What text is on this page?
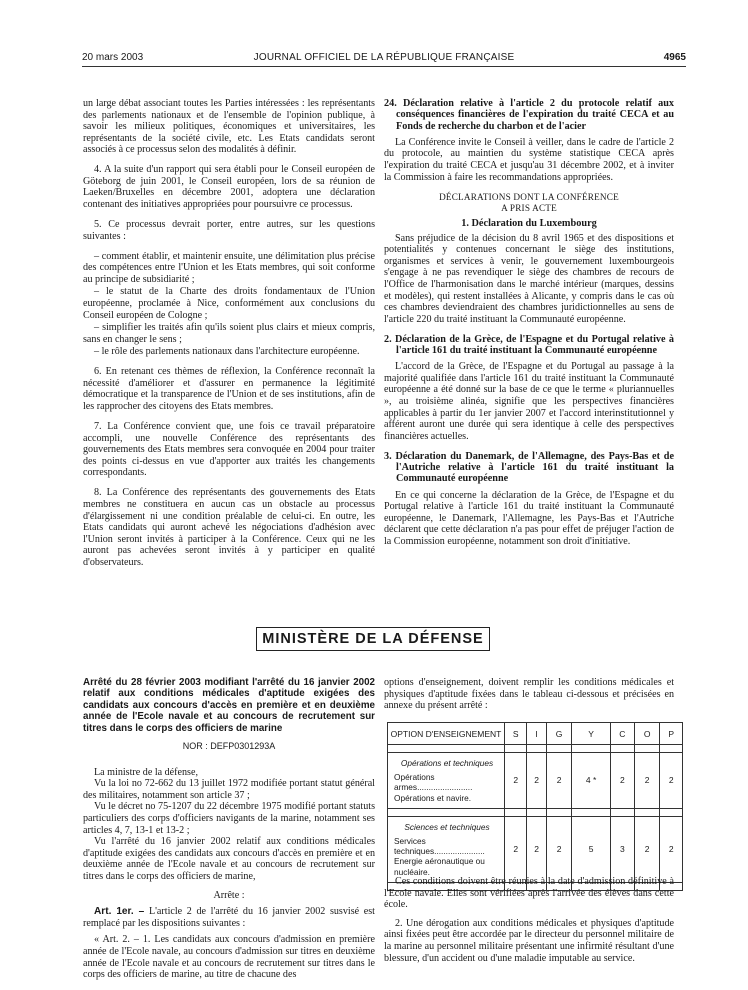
20 mars 2003	JOURNAL OFFICIEL DE LA RÉPUBLIQUE FRANÇAISE	4965

un large débat associant toutes les Parties intéressées : les représentants des parlements nationaux et de l'ensemble de l'opinion publique, à savoir les milieux politiques, économiques et universitaires, les représentants de la société civile, etc. Les Etats candidats seront associés à ce processus selon des modalités à définir.

4. A la suite d'un rapport qui sera établi pour le Conseil européen de Göteborg de juin 2001, le Conseil européen, lors de sa réunion de Laeken/Bruxelles en décembre 2001, adoptera une déclaration contenant des initiatives appropriées pour poursuivre ce processus.

5. Ce processus devrait porter, entre autres, sur les questions suivantes :

– comment établir, et maintenir ensuite, une délimitation plus précise des compétences entre l'Union et les Etats membres, qui soit conforme au principe de subsidiarité ;

– le statut de la Charte des droits fondamentaux de l'Union européenne, proclamée à Nice, conformément aux conclusions du Conseil européen de Cologne ;

– simplifier les traités afin qu'ils soient plus clairs et mieux compris, sans en changer le sens ;

– le rôle des parlements nationaux dans l'architecture européenne.

6. En retenant ces thèmes de réflexion, la Conférence reconnaît la nécessité d'améliorer et d'assurer en permanence la légitimité démocratique et la transparence de l'Union et de ses institutions, afin de les rapprocher des citoyens des Etats membres.

7. La Conférence convient que, une fois ce travail préparatoire accompli, une nouvelle Conférence des représentants des gouvernements des Etats membres sera convoquée en 2004 pour traiter des points ci-dessus en vue d'apporter aux traités les changements correspondants.

8. La Conférence des représentants des gouvernements des Etats membres ne constituera en aucun cas un obstacle au processus d'élargissement ni une condition préalable de celui-ci. En outre, les Etats candidats qui auront achevé les négociations d'adhésion avec l'Union seront invités à participer à la Conférence. Ceux qui ne les auront pas achevées seront invités à y participer en qualité d'observateurs.

24. Déclaration relative à l'article 2 du protocole relatif aux conséquences financières de l'expiration du traité CECA et au Fonds de recherche du charbon et de l'acier

La Conférence invite le Conseil à veiller, dans le cadre de l'article 2 du protocole, au maintien du système statistique CECA après l'expiration du traité CECA et jusqu'au 31 décembre 2002, et à inviter la Commission à faire les recommandations appropriées.

DÉCLARATIONS DONT LA CONFÉRENCE
A PRIS ACTE
1. Déclaration du Luxembourg

Sans préjudice de la décision du 8 avril 1965 et des dispositions et potentialités y contenues concernant le siège des institutions, organismes et services à venir, le gouvernement luxembourgeois s'engage à ne pas revendiquer le siège des chambres de recours de l'Office de l'harmonisation dans le marché intérieur (marques, dessins et modèles), qui restent installées à Alicante, y compris dans le cas où ces chambres deviendraient des chambres juridictionnelles au sens de l'article 220 du traité instituant la Communauté européenne.

2. Déclaration de la Grèce, de l'Espagne et du Portugal relative à l'article 161 du traité instituant la Communauté européenne

L'accord de la Grèce, de l'Espagne et du Portugal au passage à la majorité qualifiée dans l'article 161 du traité instituant la Communauté européenne a été donné sur la base de ce que le terme « pluriannuelles », au troisième alinéa, signifie que les perspectives financières applicables à partir du 1er janvier 2007 et l'accord interinstitutionnel y afférent auront une durée qui sera identique à celle des perspectives financières actuelles.

3. Déclaration du Danemark, de l'Allemagne, des Pays-Bas et de l'Autriche relative à l'article 161 du traité instituant la Communauté européenne

En ce qui concerne la déclaration de la Grèce, de l'Espagne et du Portugal relative à l'article 161 du traité instituant la Communauté européenne, le Danemark, l'Allemagne, les Pays-Bas et l'Autriche déclarent que cette déclaration n'a pas pour effet de préjuger l'action de la Commission européenne, notamment son droit d'initiative.

MINISTÈRE DE LA DÉFENSE
Arrêté du 28 février 2003 modifiant l'arrêté du 16 janvier 2002 relatif aux conditions médicales d'aptitude exigées des candidats aux concours d'accès en première et en deuxième année de l'Ecole navale et au concours de recrutement sur titres dans le corps des officiers de marine
NOR : DEFP0301293A

La ministre de la défense,

Vu la loi no 72-662 du 13 juillet 1972 modifiée portant statut général des militaires, notamment son article 37 ;

Vu le décret no 75-1207 du 22 décembre 1975 modifié portant statuts particuliers des corps d'officiers navigants de la marine, notamment ses articles 4, 7, 13-1 et 13-2 ;

Vu l'arrêté du 16 janvier 2002 relatif aux conditions médicales d'aptitude exigées des candidats aux concours d'accès en première et en deuxième année de l'Ecole navale et au concours de recrutement sur titres dans le corps des officiers de marine,

Arrête :

Art. 1er. – L'article 2 de l'arrêté du 16 janvier 2002 susvisé est remplacé par les dispositions suivantes :

« Art. 2. – 1. Les candidats aux concours d'admission en première année de l'Ecole navale, au concours d'admission sur titres en deuxième année de l'Ecole navale et au concours de recrutement sur titres dans le corps des officiers de marine, au titre de chacune des

options d'enseignement, doivent remplir les conditions médicales et physiques d'aptitude fixées dans le tableau ci-dessous et précisées en annexe du présent arrêté :

OPTION D'ENSEIGNEMENT	S	I	G	Y	C	O	P

Opérations et techniques
Opérations armes........................
Opérations et navire.	2	2	2	4 *	2	2	2

Sciences et techniques
Services techniques......................
Energie aéronautique ou nucléaire.	2	2	2	5	3	2	2

Ces conditions doivent être réunies à la date d'admission définitive à l'Ecole navale. Elles sont vérifiées après l'arrivée des élèves dans cette école.

2. Une dérogation aux conditions médicales et physiques d'aptitude ainsi fixées peut être accordée par le directeur du personnel militaire de la marine au personnel militaire présentant une infirmité résultant d'une blessure, d'un accident ou d'une maladie imputable au service.
